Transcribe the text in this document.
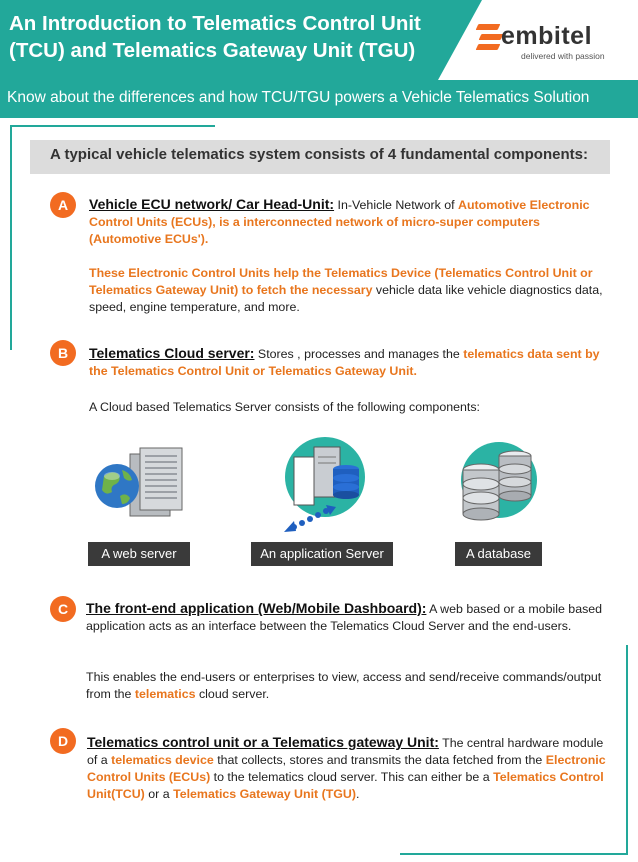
An Introduction to Telematics Control Unit (TCU) and Telematics Gateway Unit (TGU)
Know about the differences and how TCU/TGU powers a Vehicle Telematics Solution
embitel
delivered with passion
A typical vehicle telematics system consists of 4 fundamental components:
A	Vehicle ECU network/ Car Head-Unit: In-Vehicle Network of Automotive Electronic Control Units (ECUs), is a interconnected network of micro-super computers (Automotive ECUs').
These Electronic Control Units help the Telematics Device (Telematics Control Unit or Telematics Gateway Unit) to fetch the necessary vehicle data like vehicle diagnostics data, speed, engine temperature, and more.
B	Telematics Cloud server: Stores , processes and manages the telematics data sent by the Telematics Control Unit or Telematics Gateway Unit.
A Cloud based Telematics Server consists of the following components:
A web server	An application Server	A database
C	The front-end application (Web/Mobile Dashboard): A web based or a mobile based application acts as an interface between the Telematics Cloud Server and the end-users.
This enables the end-users or enterprises to view, access and send/receive commands/output from the telematics cloud server.
D	Telematics control unit or a Telematics gateway Unit: The central hardware module of a telematics device that collects, stores and transmits the data fetched from the Electronic Control Units (ECUs) to the telematics cloud server. This can either be a Telematics Control Unit(TCU) or a Telematics Gateway Unit (TGU).
